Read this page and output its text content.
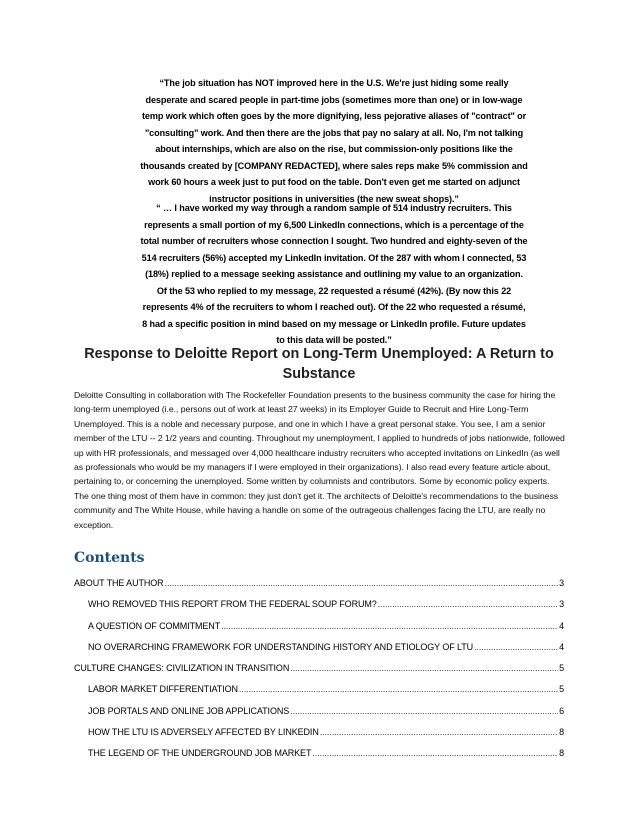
“The job situation has NOT improved here in the U.S. We're just hiding some really desperate and scared people in part-time jobs (sometimes more than one) or in low-wage temp work which often goes by the more dignifying, less pejorative aliases of "contract" or "consulting" work. And then there are the jobs that pay no salary at all. No, I'm not talking about internships, which are also on the rise, but commission-only positions like the thousands created by [COMPANY REDACTED], where sales reps make 5% commission and work 60 hours a week just to put food on the table. Don't even get me started on adjunct instructor positions in universities (the new sweat shops).”
“ … I have worked my way through a random sample of 514 industry recruiters. This represents a small portion of my 6,500 LinkedIn connections, which is a percentage of the total number of recruiters whose connection I sought. Two hundred and eighty-seven of the 514 recruiters (56%) accepted my LinkedIn invitation. Of the 287 with whom I connected, 53 (18%) replied to a message seeking assistance and outlining my value to an organization. Of the 53 who replied to my message, 22 requested a résumé (42%). (By now this 22 represents 4% of the recruiters to whom I reached out). Of the 22 who requested a résumé, 8 had a specific position in mind based on my message or LinkedIn profile. Future updates to this data will be posted.”
Response to Deloitte Report on Long-Term Unemployed: A Return to Substance
Deloitte Consulting in collaboration with The Rockefeller Foundation presents to the business community the case for hiring the long-term unemployed (i.e., persons out of work at least 27 weeks) in its Employer Guide to Recruit and Hire Long-Term Unemployed. This is a noble and necessary purpose, and one in which I have a great personal stake. You see, I am a senior member of the LTU -- 2 1/2 years and counting. Throughout my unemployment, I applied to hundreds of jobs nationwide, followed up with HR professionals, and messaged over 4,000 healthcare industry recruiters who accepted invitations on LinkedIn (as well as professionals who would be my managers if I were employed in their organizations). I also read every feature article about, pertaining to, or concerning the unemployed. Some written by columnists and contributors. Some by economic policy experts. The one thing most of them have in common: they just don't get it. The architects of Deloitte's recommendations to the business community and The White House, while having a handle on some of the outrageous challenges facing the LTU, are really no exception.
Contents
ABOUT THE AUTHOR .....	3
WHO REMOVED THIS REPORT FROM THE FEDERAL SOUP FORUM? .....	3
A QUESTION OF COMMITMENT .....	4
NO OVERARCHING FRAMEWORK FOR UNDERSTANDING HISTORY AND ETIOLOGY OF LTU .....	4
CULTURE CHANGES: CIVILIZATION IN TRANSITION .....	5
LABOR MARKET DIFFERENTIATION .....	5
JOB PORTALS AND ONLINE JOB APPLICATIONS .....	6
HOW THE LTU IS ADVERSELY AFFECTED BY LINKEDIN .....	8
THE LEGEND OF THE UNDERGROUND JOB MARKET .....	8
